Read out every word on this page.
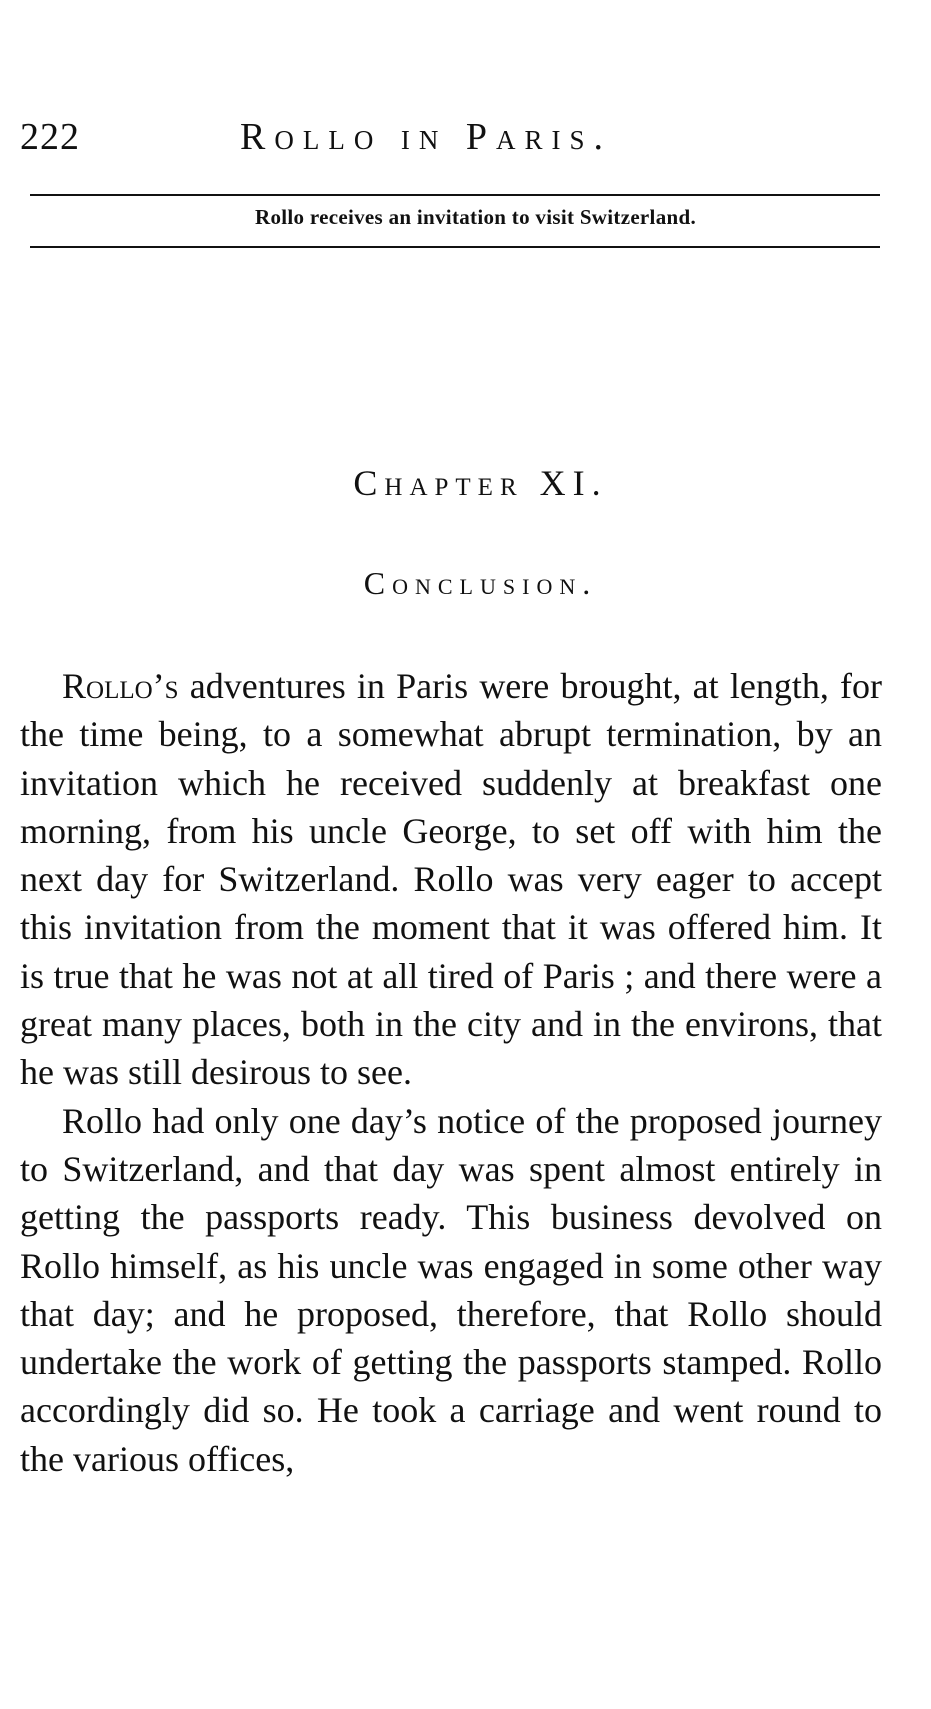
222	Rollo in Paris.
Rollo receives an invitation to visit Switzerland.
Chapter XI.
Conclusion.

Rollo’s adventures in Paris were brought, at length, for the time being, to a somewhat abrupt termination, by an invitation which he received suddenly at breakfast one morning, from his uncle George, to set off with him the next day for Switzerland. Rollo was very eager to accept this invitation from the moment that it was offered him. It is true that he was not at all tired of Paris ; and there were a great many places, both in the city and in the environs, that he was still desirous to see.

Rollo had only one day’s notice of the proposed journey to Switzerland, and that day was spent almost entirely in getting the passports ready. This business devolved on Rollo himself, as his uncle was engaged in some other way that day; and he proposed, therefore, that Rollo should undertake the work of getting the passports stamped. Rollo accordingly did so. He took a carriage and went round to the various offices,
